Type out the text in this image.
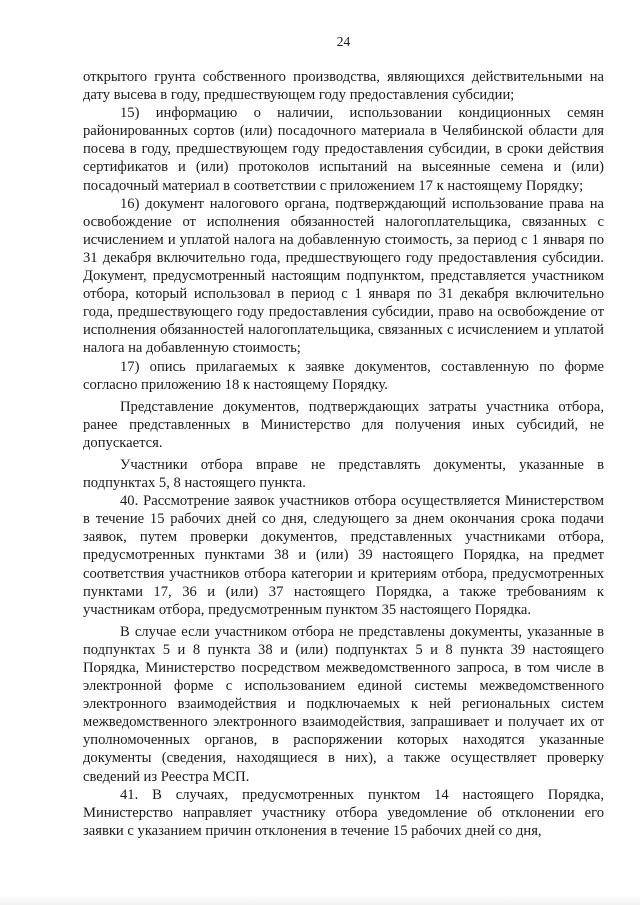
24

открытого грунта собственного производства, являющихся действительными на дату высева в году, предшествующем году предоставления субсидии;

15) информацию о наличии, использовании кондиционных семян районированных сортов (или) посадочного материала в Челябинской области для посева в году, предшествующем году предоставления субсидии, в сроки действия сертификатов и (или) протоколов испытаний на высеянные семена и (или) посадочный материал в соответствии с приложением 17 к настоящему Порядку;

16) документ налогового органа, подтверждающий использование права на освобождение от исполнения обязанностей налогоплательщика, связанных с исчислением и уплатой налога на добавленную стоимость, за период с 1 января по 31 декабря включительно года, предшествующего году предоставления субсидии. Документ, предусмотренный настоящим подпунктом, представляется участником отбора, который использовал в период с 1 января по 31 декабря включительно года, предшествующего году предоставления субсидии, право на освобождение от исполнения обязанностей налогоплательщика, связанных с исчислением и уплатой налога на добавленную стоимость;

17) опись прилагаемых к заявке документов, составленную по форме согласно приложению 18 к настоящему Порядку.

Представление документов, подтверждающих затраты участника отбора, ранее представленных в Министерство для получения иных субсидий, не допускается.

Участники отбора вправе не представлять документы, указанные в подпунктах 5, 8 настоящего пункта.

40. Рассмотрение заявок участников отбора осуществляется Министерством в течение 15 рабочих дней со дня, следующего за днем окончания срока подачи заявок, путем проверки документов, представленных участниками отбора, предусмотренных пунктами 38 и (или) 39 настоящего Порядка, на предмет соответствия участников отбора категории и критериям отбора, предусмотренных пунктами 17, 36 и (или) 37 настоящего Порядка, а также требованиям к участникам отбора, предусмотренным пунктом 35 настоящего Порядка.

В случае если участником отбора не представлены документы, указанные в подпунктах 5 и 8 пункта 38 и (или) подпунктах 5 и 8 пункта 39 настоящего Порядка, Министерство посредством межведомственного запроса, в том числе в электронной форме с использованием единой системы межведомственного электронного взаимодействия и подключаемых к ней региональных систем межведомственного электронного взаимодействия, запрашивает и получает их от уполномоченных органов, в распоряжении которых находятся указанные документы (сведения, находящиеся в них), а также осуществляет проверку сведений из Реестра МСП.

41. В случаях, предусмотренных пунктом 14 настоящего Порядка, Министерство направляет участнику отбора уведомление об отклонении его заявки с указанием причин отклонения в течение 15 рабочих дней со дня,
